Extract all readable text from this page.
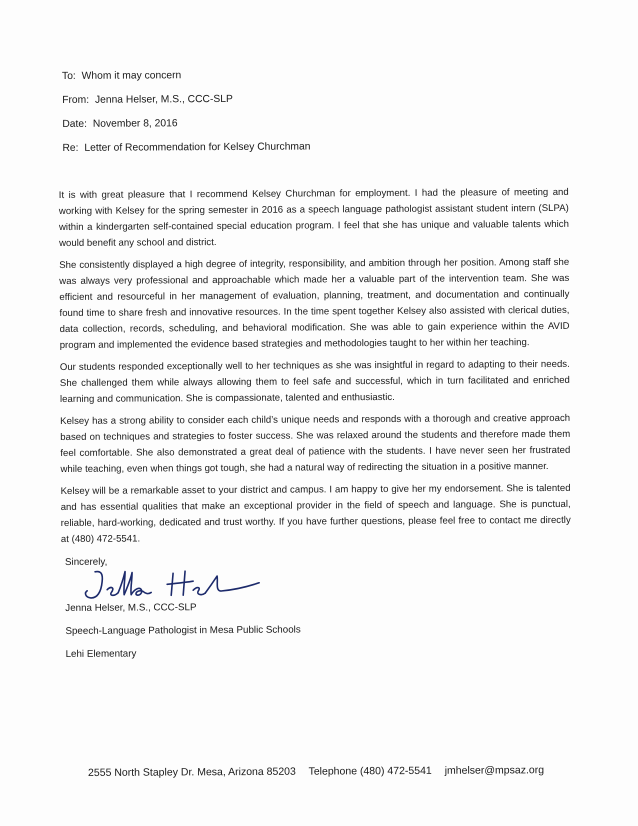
To: Whom it may concern
From: Jenna Helser, M.S., CCC-SLP
Date: November 8, 2016
Re: Letter of Recommendation for Kelsey Churchman

It is with great pleasure that I recommend Kelsey Churchman for employment. I had the pleasure of meeting and working with Kelsey for the spring semester in 2016 as a speech language pathologist assistant student intern (SLPA) within a kindergarten self-contained special education program. I feel that she has unique and valuable talents which would benefit any school and district.

She consistently displayed a high degree of integrity, responsibility, and ambition through her position. Among staff she was always very professional and approachable which made her a valuable part of the intervention team. She was efficient and resourceful in her management of evaluation, planning, treatment, and documentation and continually found time to share fresh and innovative resources. In the time spent together Kelsey also assisted with clerical duties, data collection, records, scheduling, and behavioral modification. She was able to gain experience within the AVID program and implemented the evidence based strategies and methodologies taught to her within her teaching.

Our students responded exceptionally well to her techniques as she was insightful in regard to adapting to their needs. She challenged them while always allowing them to feel safe and successful, which in turn facilitated and enriched learning and communication. She is compassionate, talented and enthusiastic.

Kelsey has a strong ability to consider each child’s unique needs and responds with a thorough and creative approach based on techniques and strategies to foster success. She was relaxed around the students and therefore made them feel comfortable. She also demonstrated a great deal of patience with the students. I have never seen her frustrated while teaching, even when things got tough, she had a natural way of redirecting the situation in a positive manner.

Kelsey will be a remarkable asset to your district and campus. I am happy to give her my endorsement. She is talented and has essential qualities that make an exceptional provider in the field of speech and language. She is punctual, reliable, hard-working, dedicated and trust worthy. If you have further questions, please feel free to contact me directly at (480) 472-5541.

Sincerely,
Jenna Helser, M.S., CCC-SLP
Speech-Language Pathologist in Mesa Public Schools
Lehi Elementary
2555 North Stapley Dr. Mesa, Arizona 85203 Telephone (480) 472-5541 jmhelser@mpsaz.org
